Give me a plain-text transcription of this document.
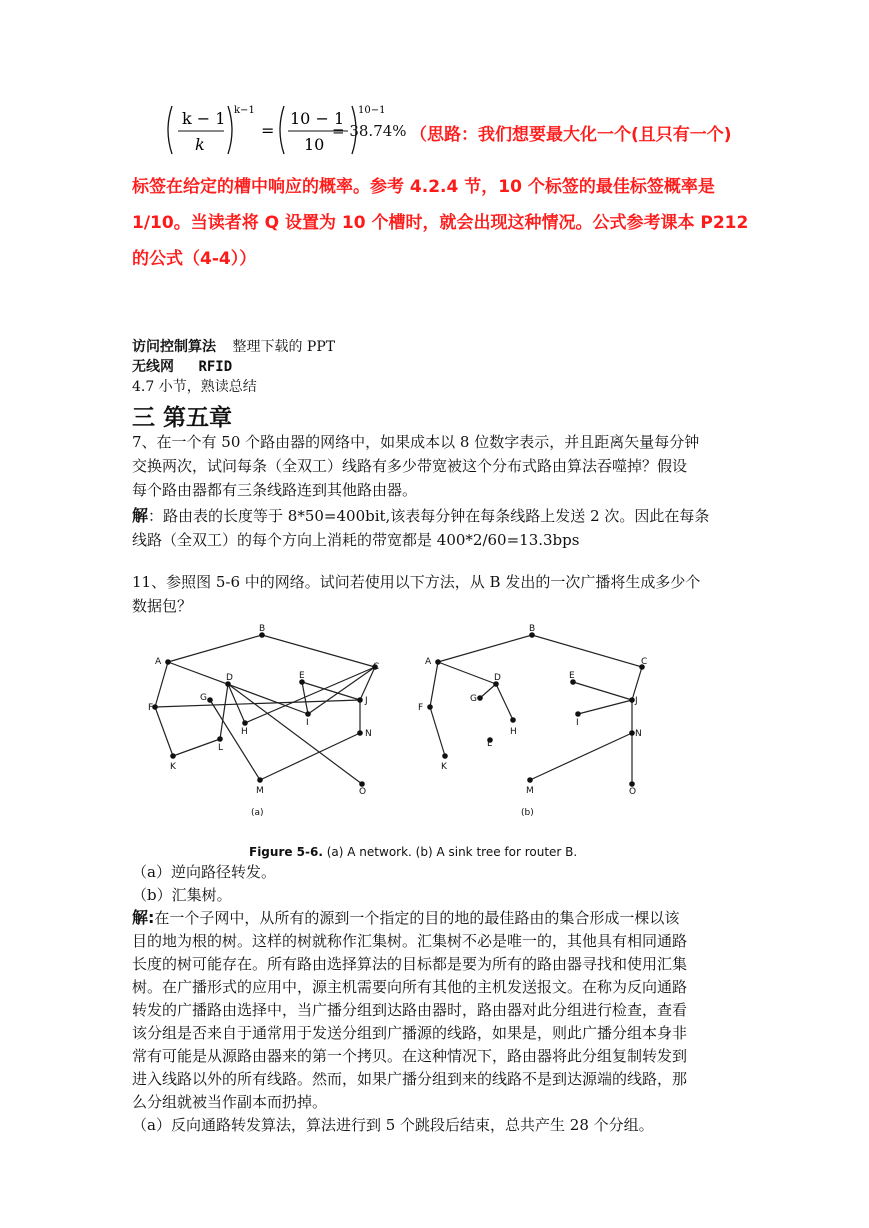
k − 1
k
k−1
=
10 − 1
10
10−1
= 38.74% （思路：我们想要最大化一个(且只有一个)
标签在给定的槽中响应的概率。参考 4.2.4 节，10 个标签的最佳标签概率是
1/10。当读者将 Q 设置为 10 个槽时，就会出现这种情况。公式参考课本 P212
的公式（4-4））
访问控制算法 整理下载的 PPT
无线网 RFID
4.7 小节，熟读总结
三 第五章
7、在一个有 50 个路由器的网络中，如果成本以 8 位数字表示，并且距离矢量每分钟
交换两次，试问每条（全双工）线路有多少带宽被这个分布式路由算法吞噬掉？假设
每个路由器都有三条线路连到其他路由器。
解：路由表的长度等于 8*50=400bit,该表每分钟在每条线路上发送 2 次。因此在每条
线路（全双工）的每个方向上消耗的带宽都是 400*2/60=13.3bps
11、参照图 5-6 中的网络。试问若使用以下方法，从 B 发出的一次广播将生成多少个
数据包？
A
B
C
D	E
F
G
H
I
J
K
L
M
N
O
(a)
A
B
C
D	E
F
G
H
I
J
K
L
M
N
O
(b)
Figure 5-6. (a) A network. (b) A sink tree for router B.
（a）逆向路径转发。
（b）汇集树。
解:在一个子网中，从所有的源到一个指定的目的地的最佳路由的集合形成一棵以该
目的地为根的树。这样的树就称作汇集树。汇集树不必是唯一的，其他具有相同通路
长度的树可能存在。所有路由选择算法的目标都是要为所有的路由器寻找和使用汇集
树。在广播形式的应用中，源主机需要向所有其他的主机发送报文。在称为反向通路
转发的广播路由选择中，当广播分组到达路由器时，路由器对此分组进行检查，查看
该分组是否来自于通常用于发送分组到广播源的线路，如果是，则此广播分组本身非
常有可能是从源路由器来的第一个拷贝。在这种情况下，路由器将此分组复制转发到
进入线路以外的所有线路。然而，如果广播分组到来的线路不是到达源端的线路，那
么分组就被当作副本而扔掉。
（a）反向通路转发算法，算法进行到 5 个跳段后结束，总共产生 28 个分组。
